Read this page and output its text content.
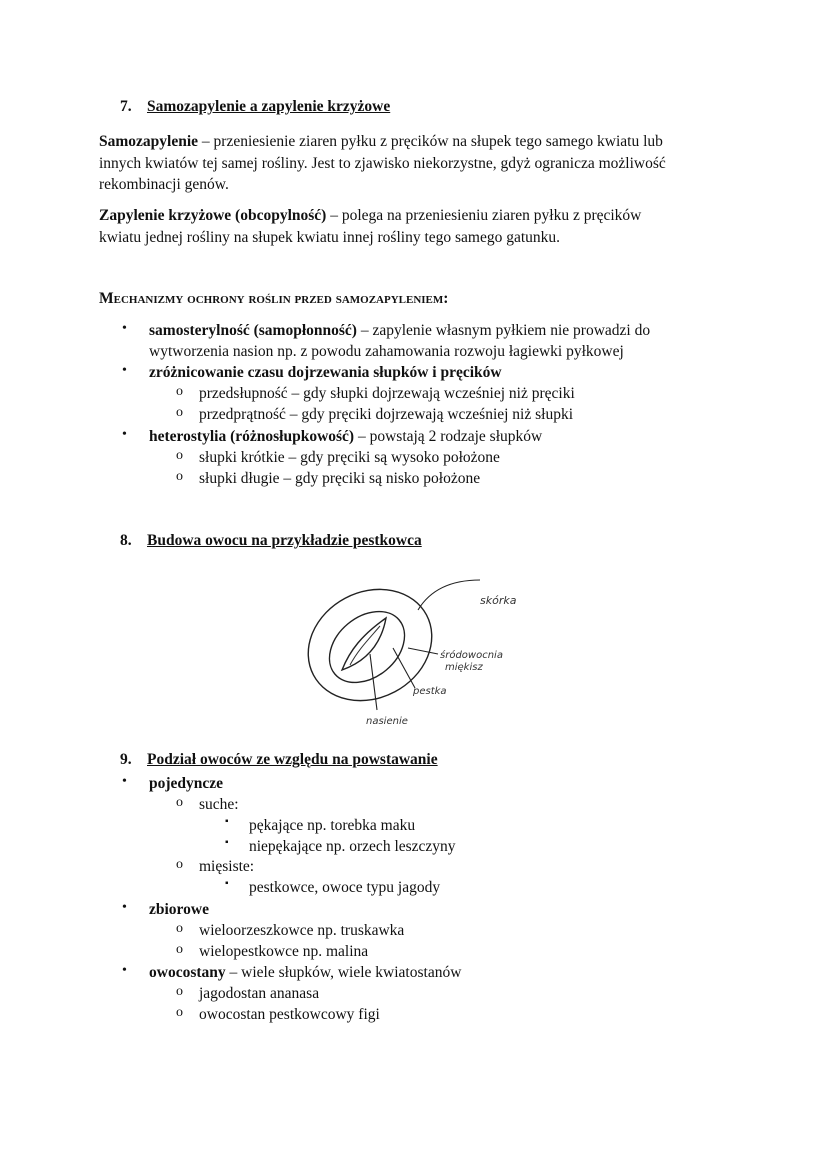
7. Samozapylenie a zapylenie krzyżowe

Samozapylenie – przeniesienie ziaren pyłku z pręcików na słupek tego samego kwiatu lub
innych kwiatów tej samej rośliny. Jest to zjawisko niekorzystne, gdyż ogranicza możliwość
rekombinacji genów.

Zapylenie krzyżowe (obcopylność) – polega na przeniesieniu ziaren pyłku z pręcików
kwiatu jednej rośliny na słupek kwiatu innej rośliny tego samego gatunku.

Mechanizmy ochrony roślin przed samozapyleniem:
• samosterylność (samopłonność) – zapylenie własnym pyłkiem nie prowadzi do
wytworzenia nasion np. z powodu zahamowania rozwoju łagiewki pyłkowej
• zróżnicowanie czasu dojrzewania słupków i pręcików
o przedsłupność – gdy słupki dojrzewają wcześniej niż pręciki
o przedprątność – gdy pręciki dojrzewają wcześniej niż słupki
• heterostylia (różnosłupkowość) – powstają 2 rodzaje słupków
o słupki krótkie – gdy pręciki są wysoko położone
o słupki długie – gdy pręciki są nisko położone
8. Budowa owocu na przykładzie pestkowca
skórka
śródowocnia
miękisz
pestka
nasienie
9. Podział owoców ze względu na powstawanie
• pojedyncze
o suche:
▪ pękające np. torebka maku
▪ niepękające np. orzech leszczyny
o mięsiste:
▪ pestkowce, owoce typu jagody
• zbiorowe
o wieloorzeszkowce np. truskawka
o wielopestkowce np. malina
• owocostany – wiele słupków, wiele kwiatostanów
o jagodostan ananasa
o owocostan pestkowcowy figi
